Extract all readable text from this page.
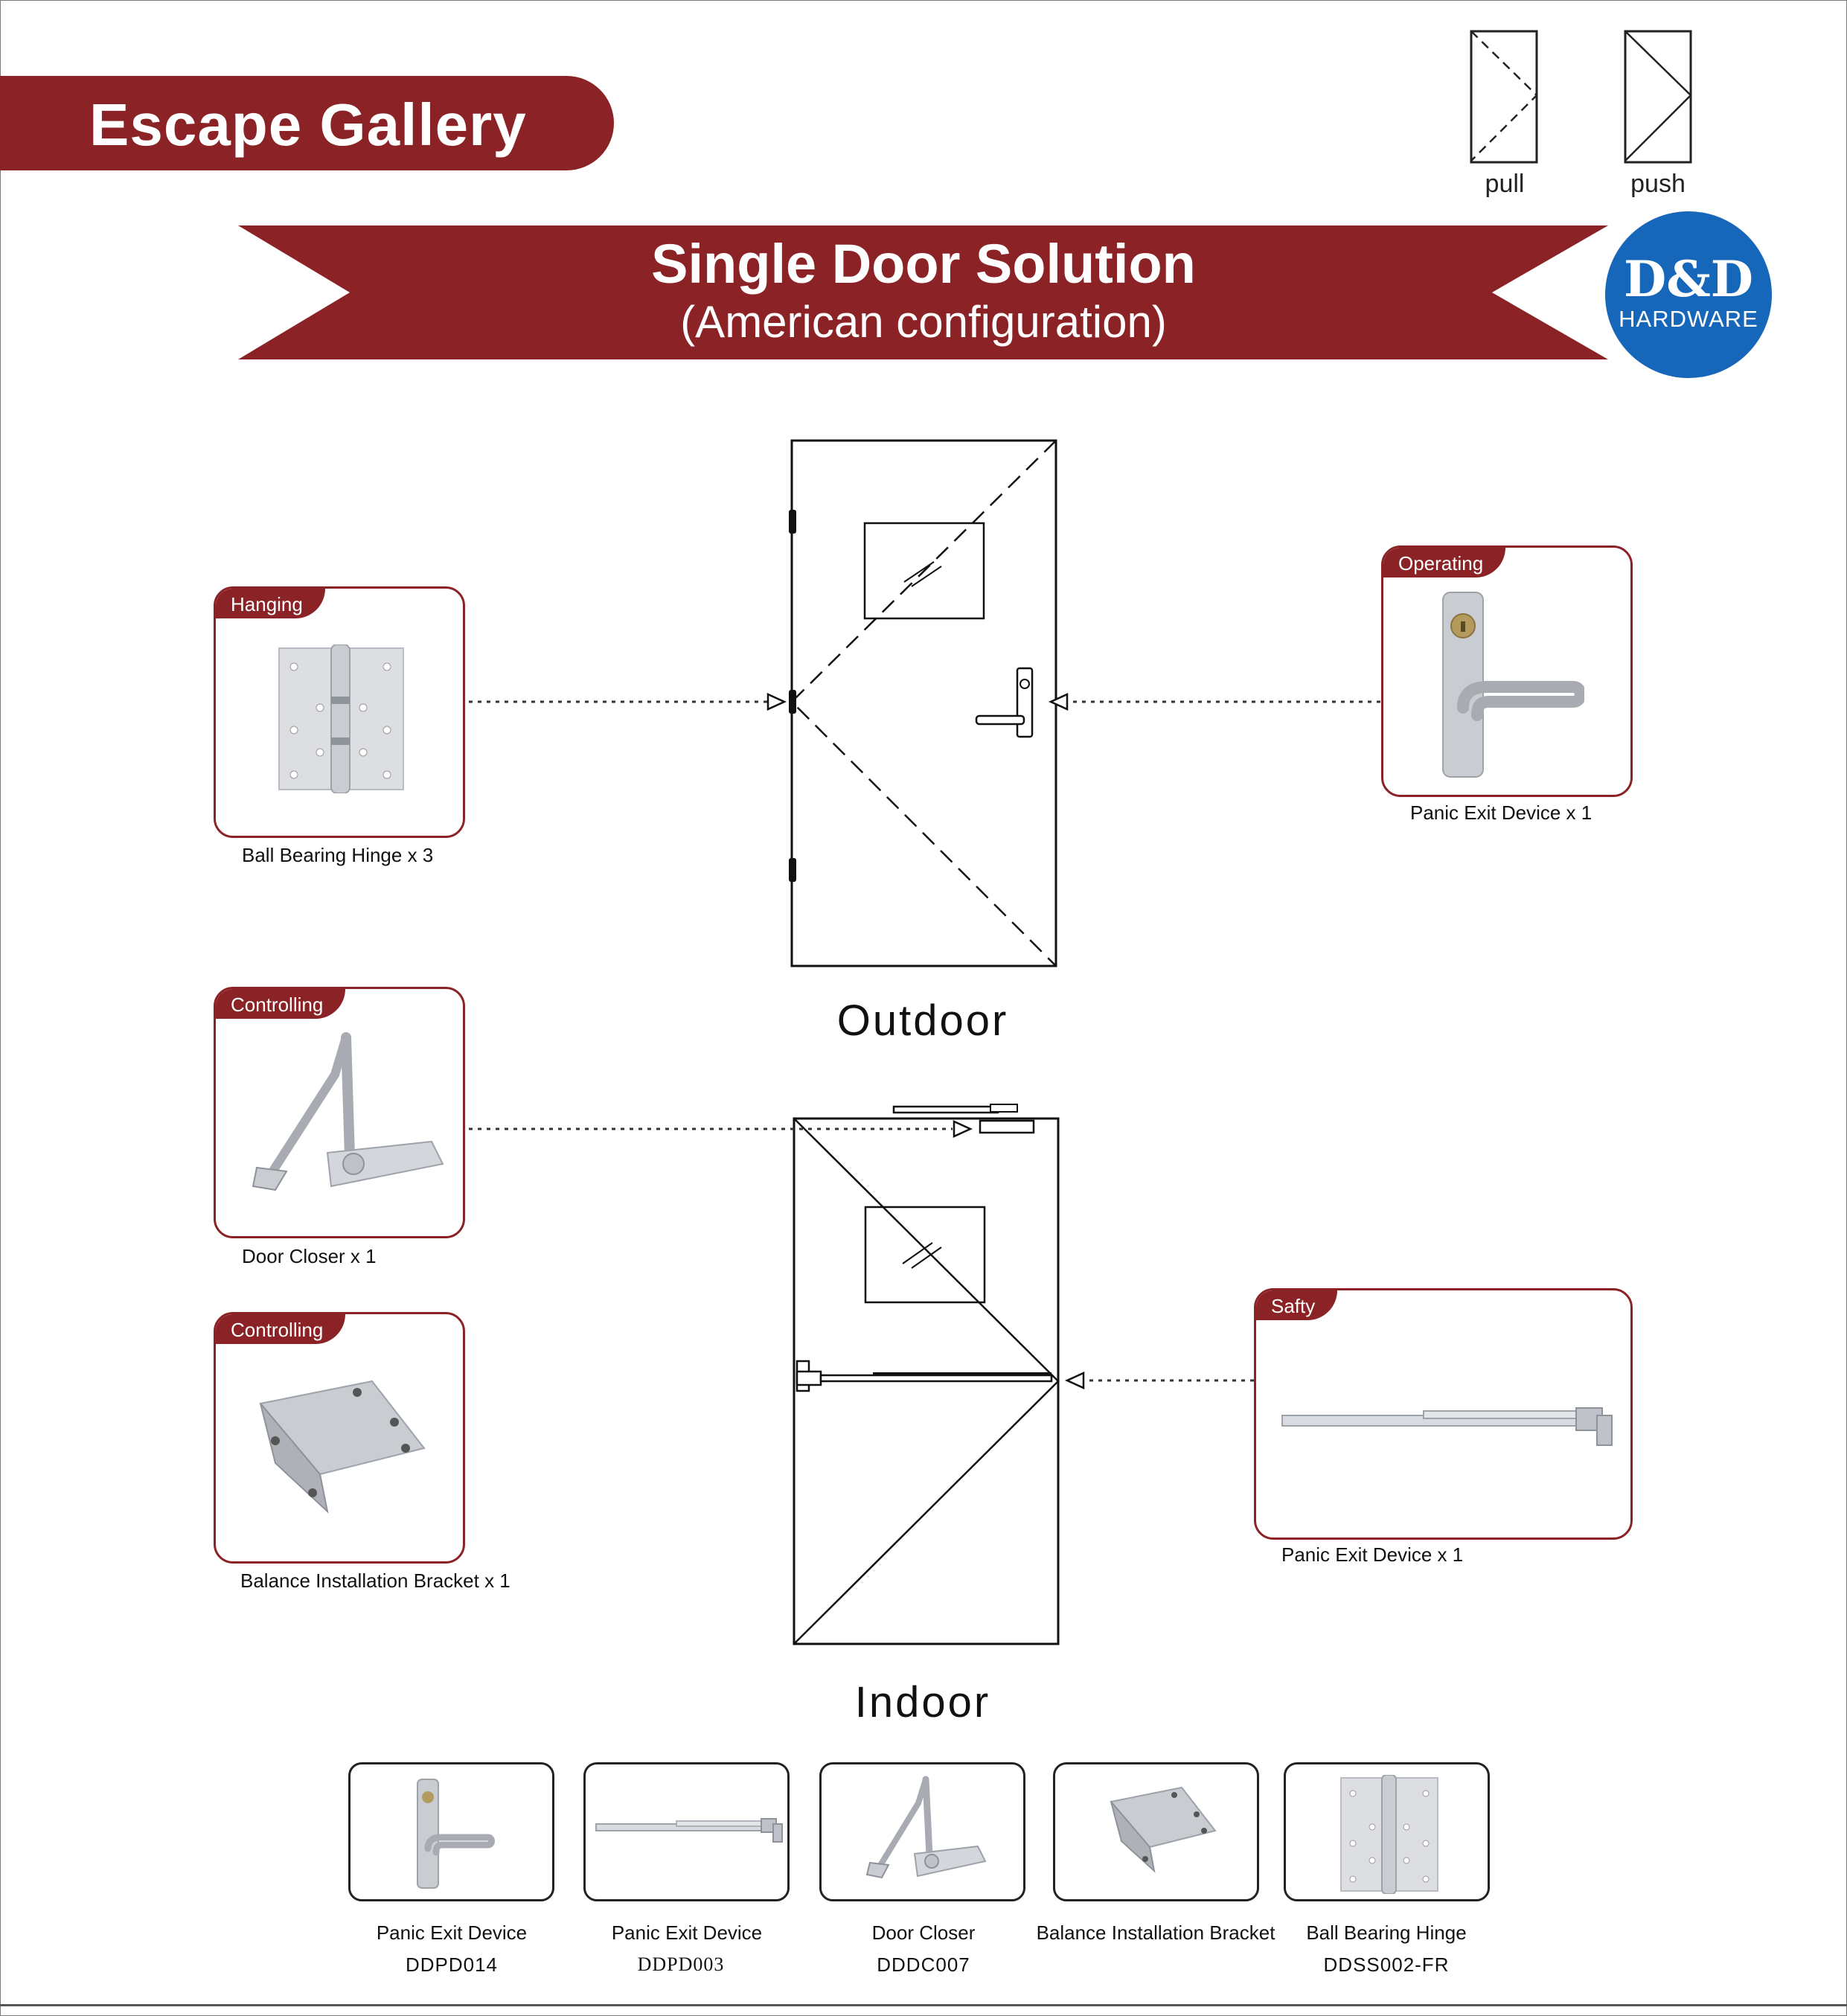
Escape Gallery
pull	push
Single Door Solution
(American configuration)
D&D
HARDWARE
Outdoor
Indoor
Hanging
Ball Bearing Hinge x 3
Operating
Panic Exit Device x 1
Controlling
Door Closer x 1
Controlling
Balance Installation Bracket x 1
Safty
Panic Exit Device x 1
Panic Exit Device
DDPD014
Panic Exit Device
DDPD003
Door Closer
DDDC007
Balance Installation Bracket	Ball Bearing Hinge
DDSS002-FR
